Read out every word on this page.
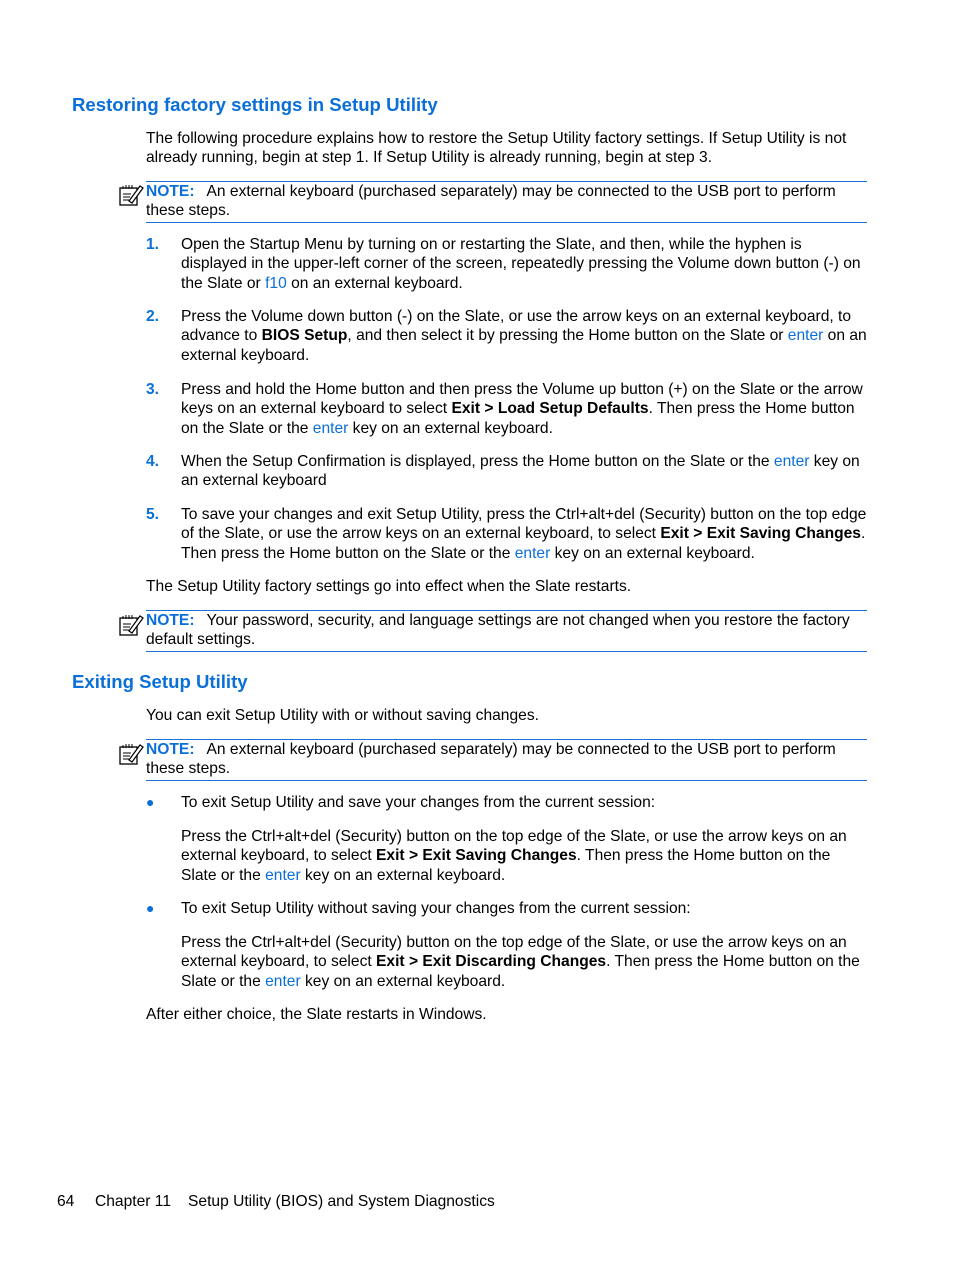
Restoring factory settings in Setup Utility
The following procedure explains how to restore the Setup Utility factory settings. If Setup Utility is not already running, begin at step 1. If Setup Utility is already running, begin at step 3.
NOTE: An external keyboard (purchased separately) may be connected to the USB port to perform these steps.
1. Open the Startup Menu by turning on or restarting the Slate, and then, while the hyphen is displayed in the upper-left corner of the screen, repeatedly pressing the Volume down button (-) on the Slate or f10 on an external keyboard.
2. Press the Volume down button (-) on the Slate, or use the arrow keys on an external keyboard, to advance to BIOS Setup, and then select it by pressing the Home button on the Slate or enter on an external keyboard.
3. Press and hold the Home button and then press the Volume up button (+) on the Slate or the arrow keys on an external keyboard to select Exit > Load Setup Defaults. Then press the Home button on the Slate or the enter key on an external keyboard.
4. When the Setup Confirmation is displayed, press the Home button on the Slate or the enter key on an external keyboard
5. To save your changes and exit Setup Utility, press the Ctrl+alt+del (Security) button on the top edge of the Slate, or use the arrow keys on an external keyboard, to select Exit > Exit Saving Changes. Then press the Home button on the Slate or the enter key on an external keyboard.
The Setup Utility factory settings go into effect when the Slate restarts.
NOTE: Your password, security, and language settings are not changed when you restore the factory default settings.
Exiting Setup Utility
You can exit Setup Utility with or without saving changes.
NOTE: An external keyboard (purchased separately) may be connected to the USB port to perform these steps.
● To exit Setup Utility and save your changes from the current session:
Press the Ctrl+alt+del (Security) button on the top edge of the Slate, or use the arrow keys on an external keyboard, to select Exit > Exit Saving Changes. Then press the Home button on the Slate or the enter key on an external keyboard.
● To exit Setup Utility without saving your changes from the current session:
Press the Ctrl+alt+del (Security) button on the top edge of the Slate, or use the arrow keys on an external keyboard, to select Exit > Exit Discarding Changes. Then press the Home button on the Slate or the enter key on an external keyboard.
After either choice, the Slate restarts in Windows.
64 Chapter 11 Setup Utility (BIOS) and System Diagnostics
